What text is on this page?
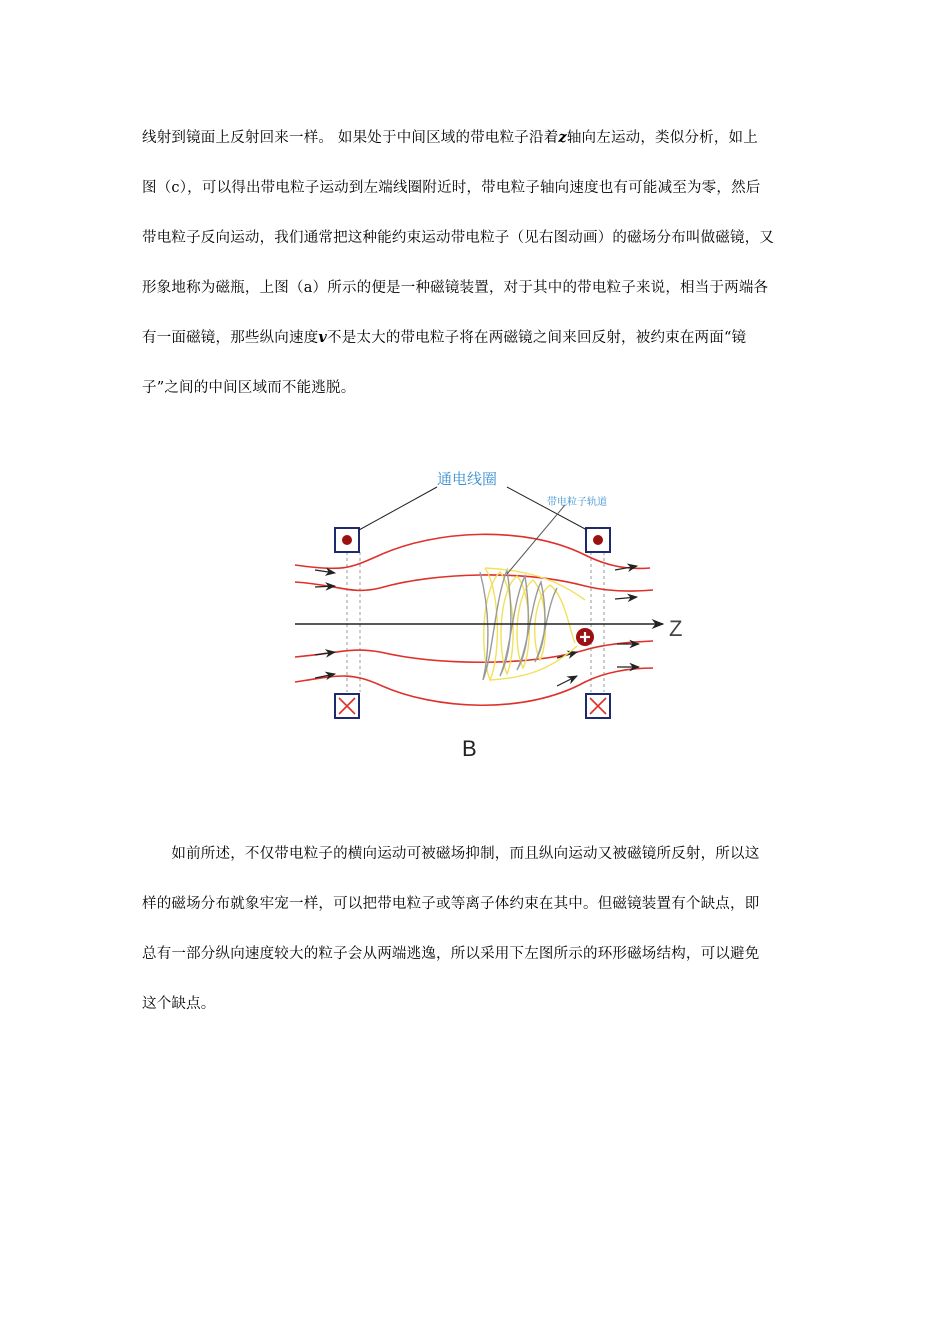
线射到镜面上反射回来一样。 如果处于中间区域的带电粒子沿着z轴向左运动，类似分析，如上
图（c），可以得出带电粒子运动到左端线圈附近时，带电粒子轴向速度也有可能减至为零，然后
带电粒子反向运动，我们通常把这种能约束运动带电粒子（见右图动画）的磁场分布叫做磁镜，又
形象地称为磁瓶，上图（a）所示的便是一种磁镜装置，对于其中的带电粒子来说，相当于两端各
有一面磁镜，那些纵向速度v不是太大的带电粒子将在两磁镜之间来回反射，被约束在两面“镜
子”之间的中间区域而不能逃脱。
Z
通电线圈
带电粒子轨道
B
　　如前所述，不仅带电粒子的横向运动可被磁场抑制，而且纵向运动又被磁镜所反射，所以这
样的磁场分布就象牢宠一样，可以把带电粒子或等离子体约束在其中。但磁镜装置有个缺点，即
总有一部分纵向速度较大的粒子会从两端逃逸，所以采用下左图所示的环形磁场结构，可以避免
这个缺点。
